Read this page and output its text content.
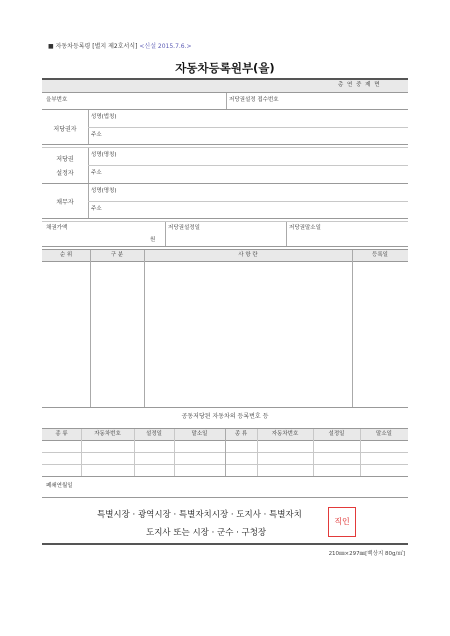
■ 자동차등록령 [별지 제2호서식] <신설 2015.7.6.>
자동차등록원부(을)
총 연 중 제 면
을부번호	저당권설정 접수번호
저당권자
성명(법칭)
주소
저당권
설정자
성명(명칭)
주소
채무자
성명(명칭)
주소
채권가액
원
저당권설정일	저당권말소일
순 위	구 분	사 항 란	등록일
공동저당된 자동차의 등록번호 등
종 류	자동차번호	설정일	말소일	종 류	자동차번호	설정일	말소일
폐쇄연월일
특별시장 · 광역시장 · 특별자치시장 · 도지사 · 특별자치
도지사 또는 시장 · 군수 · 구청장
직인
210㎜×297㎜[백상지 80g/㎡]
